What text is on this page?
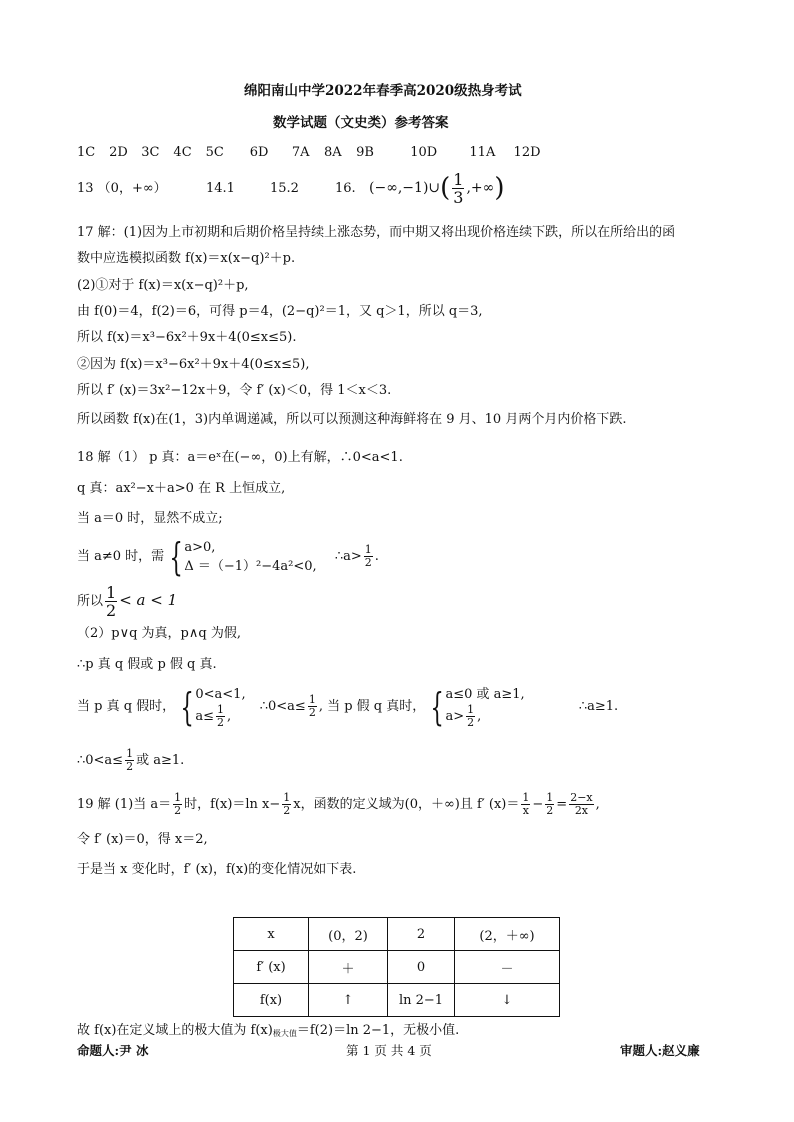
绵阳南山中学2022年春季高2020级热身考试
数学试题（文史类）参考答案
1C 2D 3C 4C 5C 6D 7A 8A 9B	10D 11A 12D
13 （0，+∞）	14.1	15.2	16. (−∞,−1)∪( $\frac{1}{3}$ ,+∞)
17 解：(1)因为上市初期和后期价格呈持续上涨态势，而中期又将出现价格连续下跌，所以在所给出的函
数中应选模拟函数 f(x)＝x(x−q)²＋p.
(2)①对于 f(x)＝x(x−q)²＋p,
由 f(0)＝4，f(2)＝6，可得 p＝4，(2−q)²＝1，又 q＞1，所以 q＝3,
所以 f(x)＝x³−6x²＋9x＋4(0≤x≤5).
②因为 f(x)＝x³−6x²＋9x＋4(0≤x≤5),
所以 f′ (x)＝3x²−12x＋9，令 f′ (x)＜0，得 1＜x＜3.
所以函数 f(x)在(1，3)内单调递减，所以可以预测这种海鲜将在 9 月、10 月两个月内价格下跌.
18 解（1） p 真：a＝eˣ在(−∞，0)上有解，∴0<a<1.
q 真：ax²−x＋a>0 在 R 上恒成立,
当 a＝0 时，显然不成立;
当 a≠0 时，需 { a>0,
Δ ＝（−1）²−4a²<0,
∴a> $\frac{1}{2}$ .
所以 $\frac{1}{2} < a < 1$
（2）p∨q 为真，p∧q 为假,
∴p 真 q 假或 p 假 q 真.
当 p 真 q 假时， { 0<a<1,
$a\le \frac{1}{2}$ ,
∴0<a≤ $\frac{1}{2}$ , 当 p 假 q 真时， { a≤0 或 a≥1,
$a> \frac{1}{2}$ ,
∴a≥1.
∴0<a≤ $\frac{1}{2}$ 或 a≥1.
19 解 (1)当 $a= \frac{1}{2}$ 时，f(x)＝ln $x- \frac{1}{2}$ x，函数的定义域为(0，＋∞)且 f′ $(x)= \frac{1}{x} - \frac{1}{2} = \frac{2-x}{2x}$ ,
令 f′ (x)＝0，得 x＝2,
于是当 x 变化时，f′ (x)，f(x)的变化情况如下表.
x	(0，2)	2	(2，＋∞)
f′ (x)	＋	0	－
f(x)	↑	ln 2−1	↓
故 f(x)在定义域上的极大值为 $f(x)_{极大值}=f(2)=\ln$ 2−1，无极小值.
命题人:尹 冰	第 1 页 共 4 页	审题人:赵义廉
